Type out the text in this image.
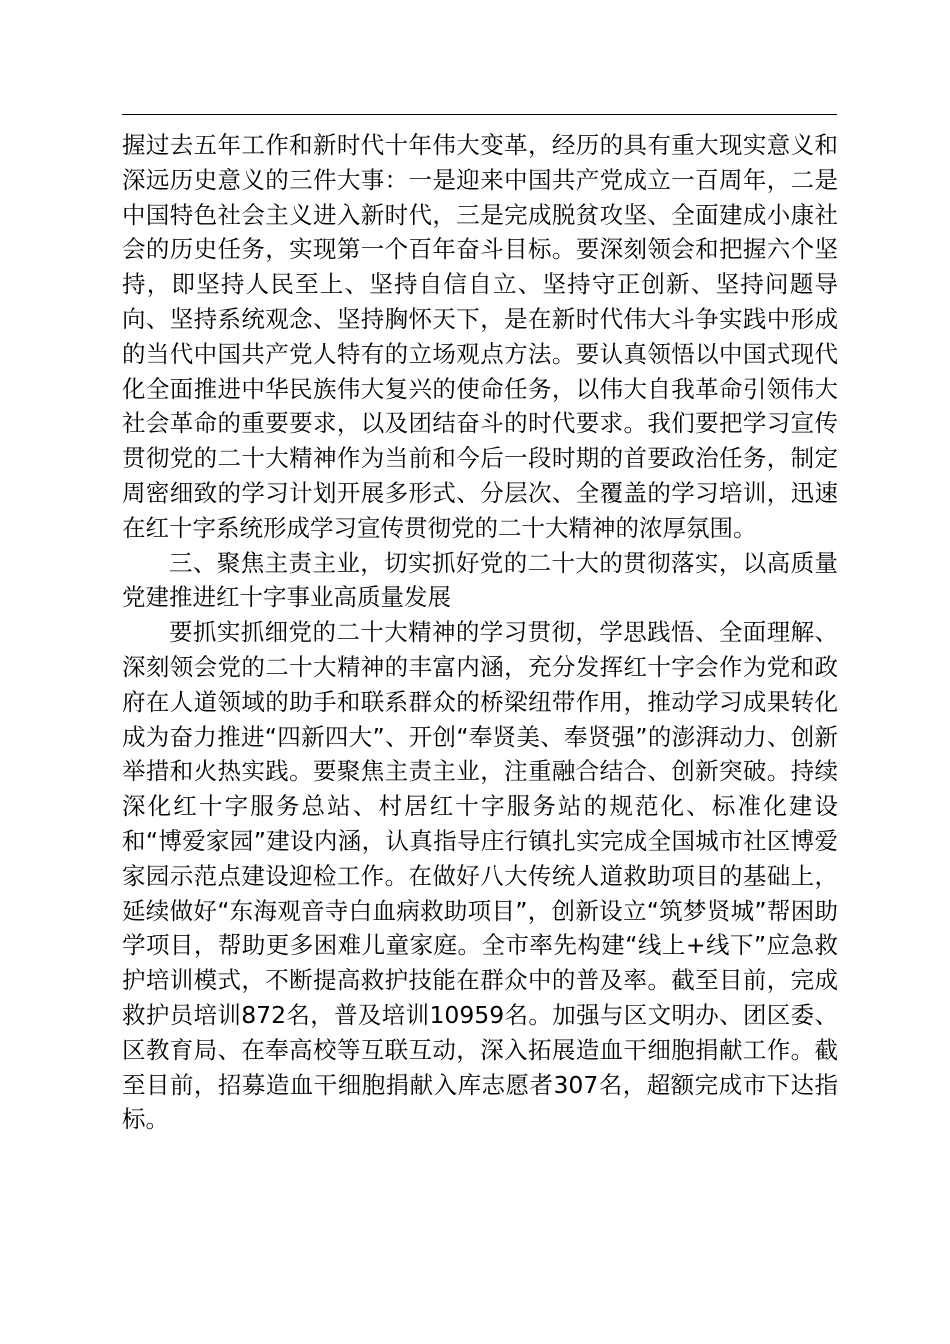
握过去五年工作和新时代十年伟大变革，经历的具有重大现实意义和深远历史意义的三件大事：一是迎来中国共产党成立一百周年，二是中国特色社会主义进入新时代，三是完成脱贫攻坚、全面建成小康社会的历史任务，实现第一个百年奋斗目标。要深刻领会和把握六个坚持，即坚持人民至上、坚持自信自立、坚持守正创新、坚持问题导向、坚持系统观念、坚持胸怀天下，是在新时代伟大斗争实践中形成的当代中国共产党人特有的立场观点方法。要认真领悟以中国式现代化全面推进中华民族伟大复兴的使命任务，以伟大自我革命引领伟大社会革命的重要要求，以及团结奋斗的时代要求。我们要把学习宣传贯彻党的二十大精神作为当前和今后一段时期的首要政治任务，制定周密细致的学习计划开展多形式、分层次、全覆盖的学习培训，迅速在红十字系统形成学习宣传贯彻党的二十大精神的浓厚氛围。

三、聚焦主责主业，切实抓好党的二十大的贯彻落实，以高质量党建推进红十字事业高质量发展

要抓实抓细党的二十大精神的学习贯彻，学思践悟、全面理解、深刻领会党的二十大精神的丰富内涵，充分发挥红十字会作为党和政府在人道领域的助手和联系群众的桥梁纽带作用，推动学习成果转化成为奋力推进“四新四大”、开创“奉贤美、奉贤强”的澎湃动力、创新举措和火热实践。要聚焦主责主业，注重融合结合、创新突破。持续深化红十字服务总站、村居红十字服务站的规范化、标准化建设和“博爱家园”建设内涵，认真指导庄行镇扎实完成全国城市社区博爱家园示范点建设迎检工作。在做好八大传统人道救助项目的基础上，延续做好“东海观音寺白血病救助项目”，创新设立“筑梦贤城”帮困助学项目，帮助更多困难儿童家庭。全市率先构建“线上+线下”应急救护培训模式，不断提高救护技能在群众中的普及率。截至目前，完成救护员培训872名，普及培训10959名。加强与区文明办、团区委、区教育局、在奉高校等互联互动，深入拓展造血干细胞捐献工作。截至目前，招募造血干细胞捐献入库志愿者307名，超额完成市下达指标。
